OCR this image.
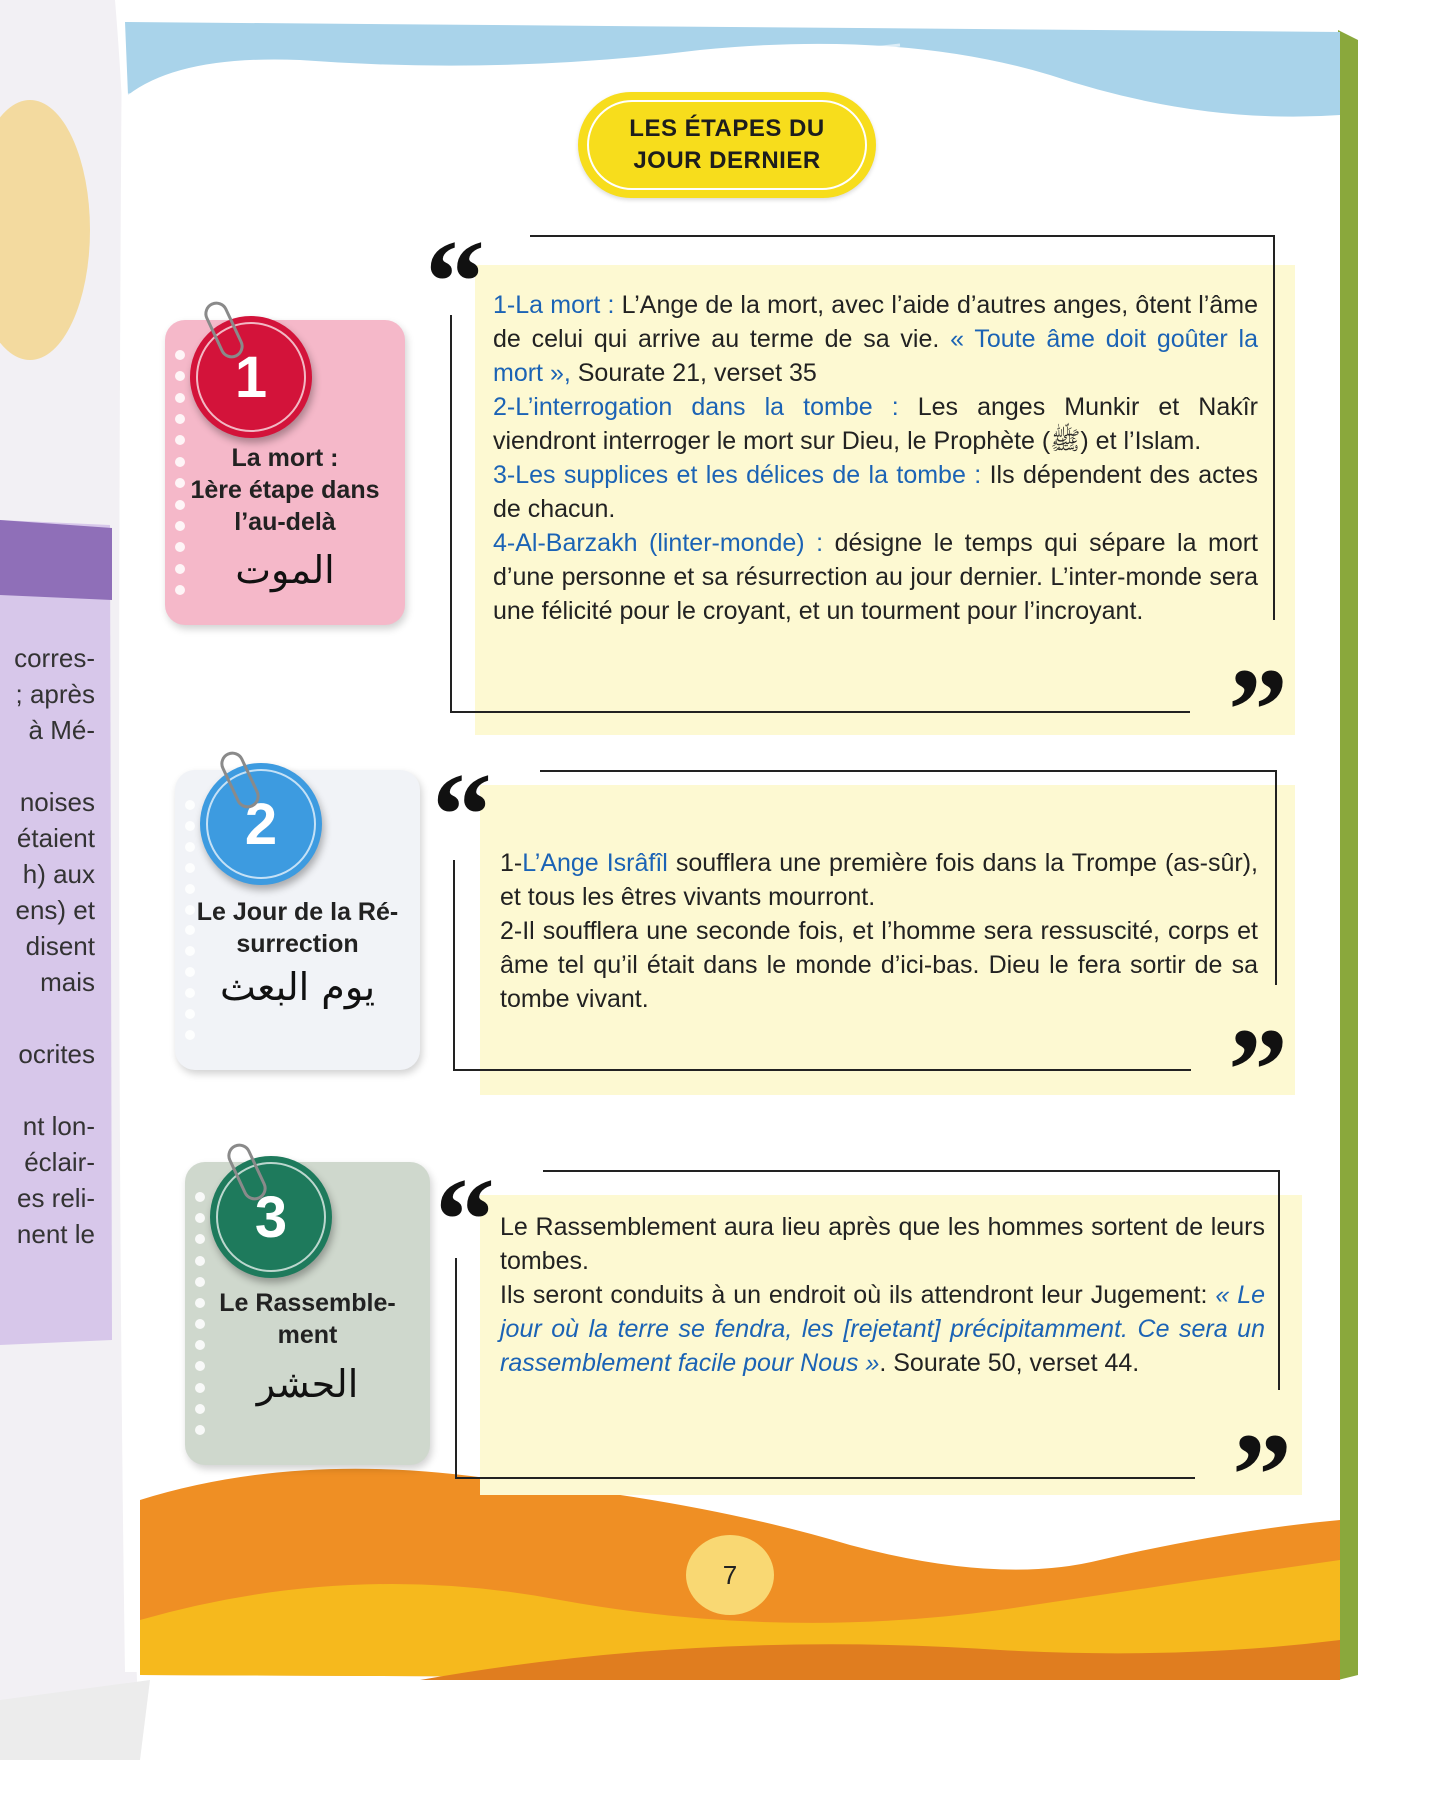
corres-
; après
à Mé-
noises
étaient
h) aux
ens) et
disent
mais
ocrites
nt lon-
éclair-
es reli-
nent le
LES ÉTAPES DU
JOUR DERNIER
La mort :
1ère étape dans
l’au-delà
الموت
1
Le Jour de la Ré-
surrection
يوم البعث
2
Le Rassemble-
ment
الحشر
3
“
”

1-La mort : L’Ange de la mort, avec l’aide d’autres anges, ôtent l’âme de celui qui arrive au terme de sa vie. « Toute âme doit goûter la mort », Sourate 21, verset 35

2-L’interrogation dans la tombe : Les anges Munkir et Nakîr viendront interroger le mort sur Dieu, le Prophète (ﷺ) et l’Islam.

3-Les supplices et les délices de la tombe : Ils dépendent des actes de chacun.

4-Al-Barzakh (linter-monde) : désigne le temps qui sépare la mort d’une personne et sa résurrection au jour dernier. L’inter-monde sera une félicité pour le croyant, et un tourment pour l’incroyant.

“
”

1-L’Ange Isrâfîl soufflera une première fois dans la Trompe (as-sûr), et tous les êtres vivants mourront.

2-Il soufflera une seconde fois, et l’homme sera ressuscité, corps et âme tel qu’il était dans le monde d’ici-bas. Dieu le fera sortir de sa tombe vivant.

“
”

Le Rassemblement aura lieu après que les hommes sortent de leurs tombes.

Ils seront conduits à un endroit où ils attendront leur Jugement: « Le jour où la terre se fendra, les [rejetant] précipitamment. Ce sera un rassemblement facile pour Nous ». Sourate 50, verset 44.

7
